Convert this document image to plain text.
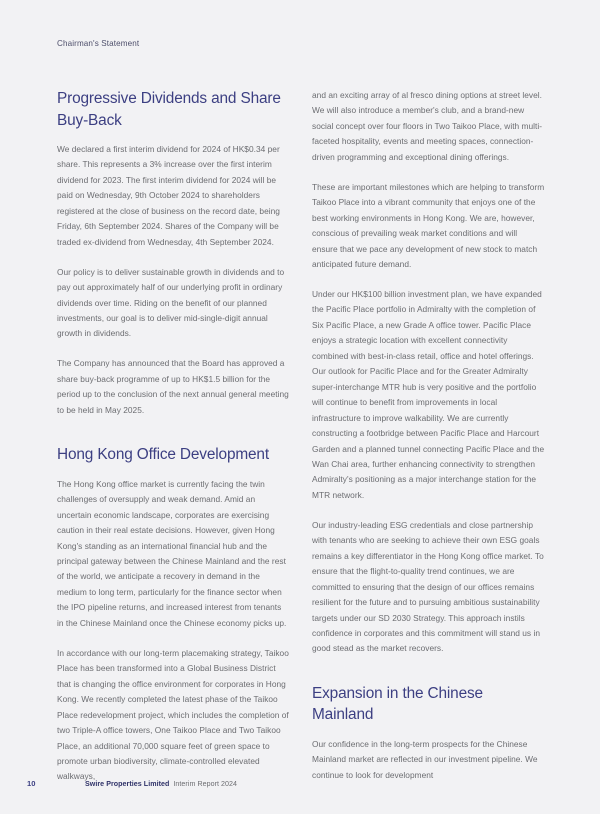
Chairman's Statement
Progressive Dividends and Share Buy-Back

We declared a first interim dividend for 2024 of HK$0.34 per share. This represents a 3% increase over the first interim dividend for 2023. The first interim dividend for 2024 will be paid on Wednesday, 9th October 2024 to shareholders registered at the close of business on the record date, being Friday, 6th September 2024. Shares of the Company will be traded ex-dividend from Wednesday, 4th September 2024.

Our policy is to deliver sustainable growth in dividends and to pay out approximately half of our underlying profit in ordinary dividends over time. Riding on the benefit of our planned investments, our goal is to deliver mid-single-digit annual growth in dividends.

The Company has announced that the Board has approved a share buy-back programme of up to HK$1.5 billion for the period up to the conclusion of the next annual general meeting to be held in May 2025.

Hong Kong Office Development

The Hong Kong office market is currently facing the twin challenges of oversupply and weak demand. Amid an uncertain economic landscape, corporates are exercising caution in their real estate decisions. However, given Hong Kong's standing as an international financial hub and the principal gateway between the Chinese Mainland and the rest of the world, we anticipate a recovery in demand in the medium to long term, particularly for the finance sector when the IPO pipeline returns, and increased interest from tenants in the Chinese Mainland once the Chinese economy picks up.

In accordance with our long-term placemaking strategy, Taikoo Place has been transformed into a Global Business District that is changing the office environment for corporates in Hong Kong. We recently completed the latest phase of the Taikoo Place redevelopment project, which includes the completion of two Triple-A office towers, One Taikoo Place and Two Taikoo Place, an additional 70,000 square feet of green space to promote urban biodiversity, climate-controlled elevated walkways,

and an exciting array of al fresco dining options at street level. We will also introduce a member's club, and a brand-new social concept over four floors in Two Taikoo Place, with multi-faceted hospitality, events and meeting spaces, connection-driven programming and exceptional dining offerings.

These are important milestones which are helping to transform Taikoo Place into a vibrant community that enjoys one of the best working environments in Hong Kong. We are, however, conscious of prevailing weak market conditions and will ensure that we pace any development of new stock to match anticipated future demand.

Under our HK$100 billion investment plan, we have expanded the Pacific Place portfolio in Admiralty with the completion of Six Pacific Place, a new Grade A office tower. Pacific Place enjoys a strategic location with excellent connectivity combined with best-in-class retail, office and hotel offerings. Our outlook for Pacific Place and for the Greater Admiralty super-interchange MTR hub is very positive and the portfolio will continue to benefit from improvements in local infrastructure to improve walkability. We are currently constructing a footbridge between Pacific Place and Harcourt Garden and a planned tunnel connecting Pacific Place and the Wan Chai area, further enhancing connectivity to strengthen Admiralty's positioning as a major interchange station for the MTR network.

Our industry-leading ESG credentials and close partnership with tenants who are seeking to achieve their own ESG goals remains a key differentiator in the Hong Kong office market. To ensure that the flight-to-quality trend continues, we are committed to ensuring that the design of our offices remains resilient for the future and to pursuing ambitious sustainability targets under our SD 2030 Strategy. This approach instils confidence in corporates and this commitment will stand us in good stead as the market recovers.

Expansion in the Chinese Mainland

Our confidence in the long-term prospects for the Chinese Mainland market are reflected in our investment pipeline. We continue to look for development

10	Swire Properties Limited Interim Report 2024
